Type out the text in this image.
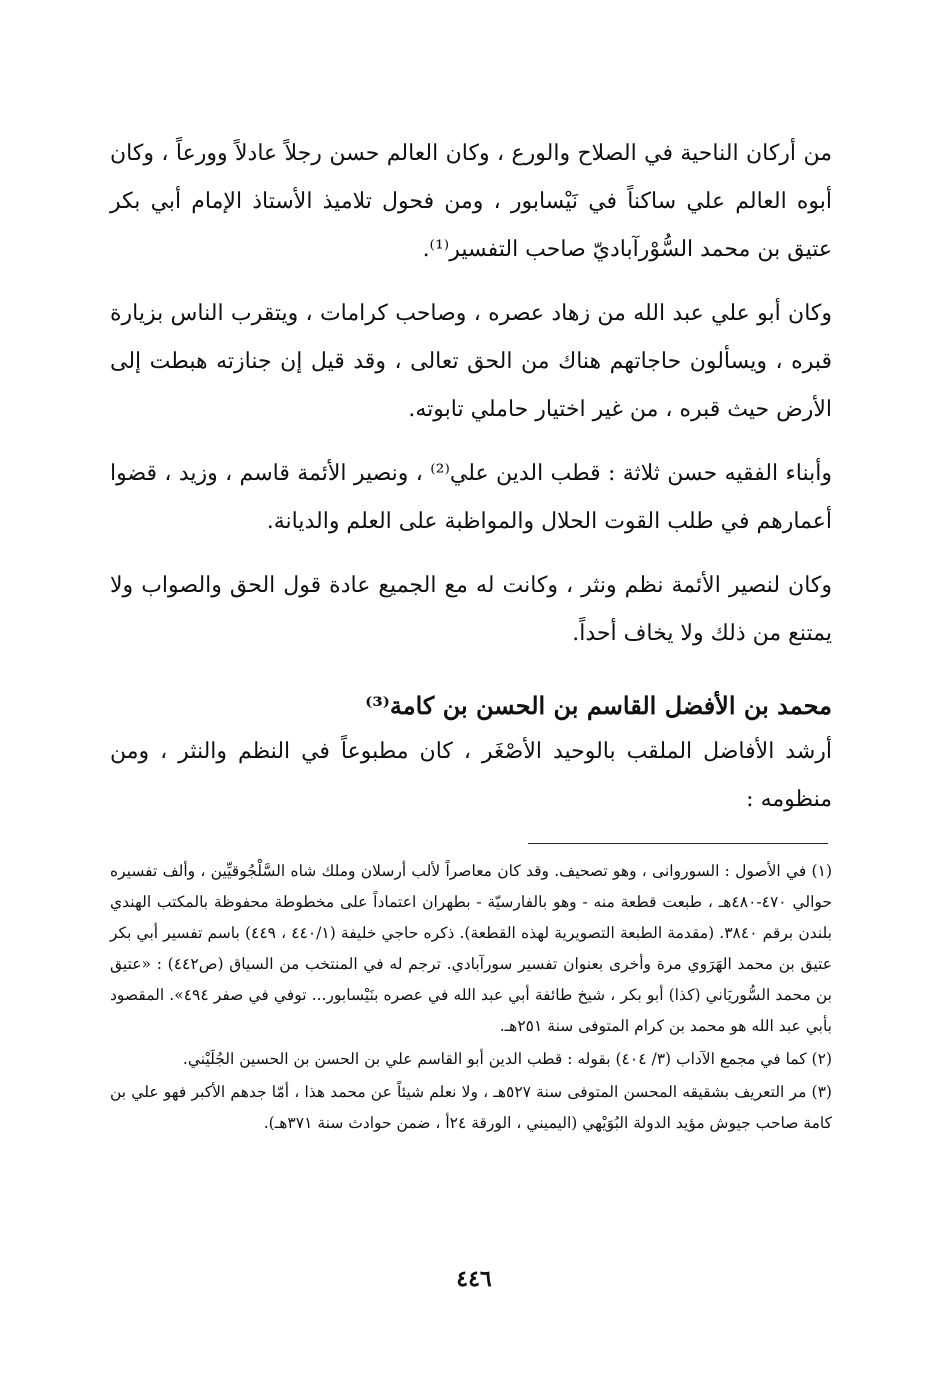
من أركان الناحية في الصلاح والورع ، وكان العالم حسن رجلاً عادلاً وورعاً ، وكان أبوه العالم علي ساكناً في نَيْسابور ، ومن فحول تلاميذ الأستاذ الإمام أبي بكر عتيق بن محمد السُّوْرآباديّ صاحب التفسير⁽¹⁾.

وكان أبو علي عبد الله من زهاد عصره ، وصاحب كرامات ، ويتقرب الناس بزيارة قبره ، ويسألون حاجاتهم هناك من الحق تعالى ، وقد قيل إن جنازته هبطت إلى الأرض حيث قبره ، من غير اختيار حاملي تابوته.

وأبناء الفقيه حسن ثلاثة : قطب الدين علي⁽²⁾ ، ونصير الأئمة قاسم ، وزيد ، قضوا أعمارهم في طلب القوت الحلال والمواظبة على العلم والديانة.

وكان لنصير الأئمة نظم ونثر ، وكانت له مع الجميع عادة قول الحق والصواب ولا يمتنع من ذلك ولا يخاف أحداً.

محمد بن الأفضل القاسم بن الحسن بن كامة⁽³⁾

أرشد الأفاضل الملقب بالوحيد الأصْغَر ، كان مطبوعاً في النظم والنثر ، ومن منظومه :

(١) في الأصول : السوروانى ، وهو تصحيف. وقد كان معاصراً لألب أرسلان وملك شاه السَّلْجُوقيِّين ، وألف تفسيره حوالي ٤٧٠-٤٨٠هـ ، طبعت قطعة منه - وهو بالفارسيّة - بطهران اعتماداً على مخطوطة محفوظة بالمكتب الهندي بلندن برقم ٣٨٤٠. (مقدمة الطبعة التصويرية لهذه القطعة). ذكره حاجي خليفة (٤٤٠/١ ، ٤٤٩) باسم تفسير أبي بكر عتيق بن محمد الهَرَوي مرة وأخرى بعنوان تفسير سورآبادي. ترجم له في المنتخب من السياق (ص٤٤٢) : «عتيق بن محمد السُّوريَاني (كذا) أبو بكر ، شيخ طائفة أبي عبد الله في عصره بنَيْسابور... توفي في صفر ٤٩٤». المقصود بأبي عبد الله هو محمد بن كرام المتوفى سنة ٢٥١هـ.

(٢) كما في مجمع الآداب (٣/ ٤٠٤) بقوله : قطب الدين أبو القاسم علي بن الحسن بن الحسين الجُلَيْني.

(٣) مر التعريف بشقيقه المحسن المتوفى سنة ٥٢٧هـ ، ولا نعلم شيئاً عن محمد هذا ، أمّا جدهم الأكبر فهو علي بن كامة صاحب جيوش مؤيد الدولة البُوَيْهي (اليميني ، الورقة ٢٤أ ، ضمن حوادث سنة ٣٧١هـ).

٤٤٦
